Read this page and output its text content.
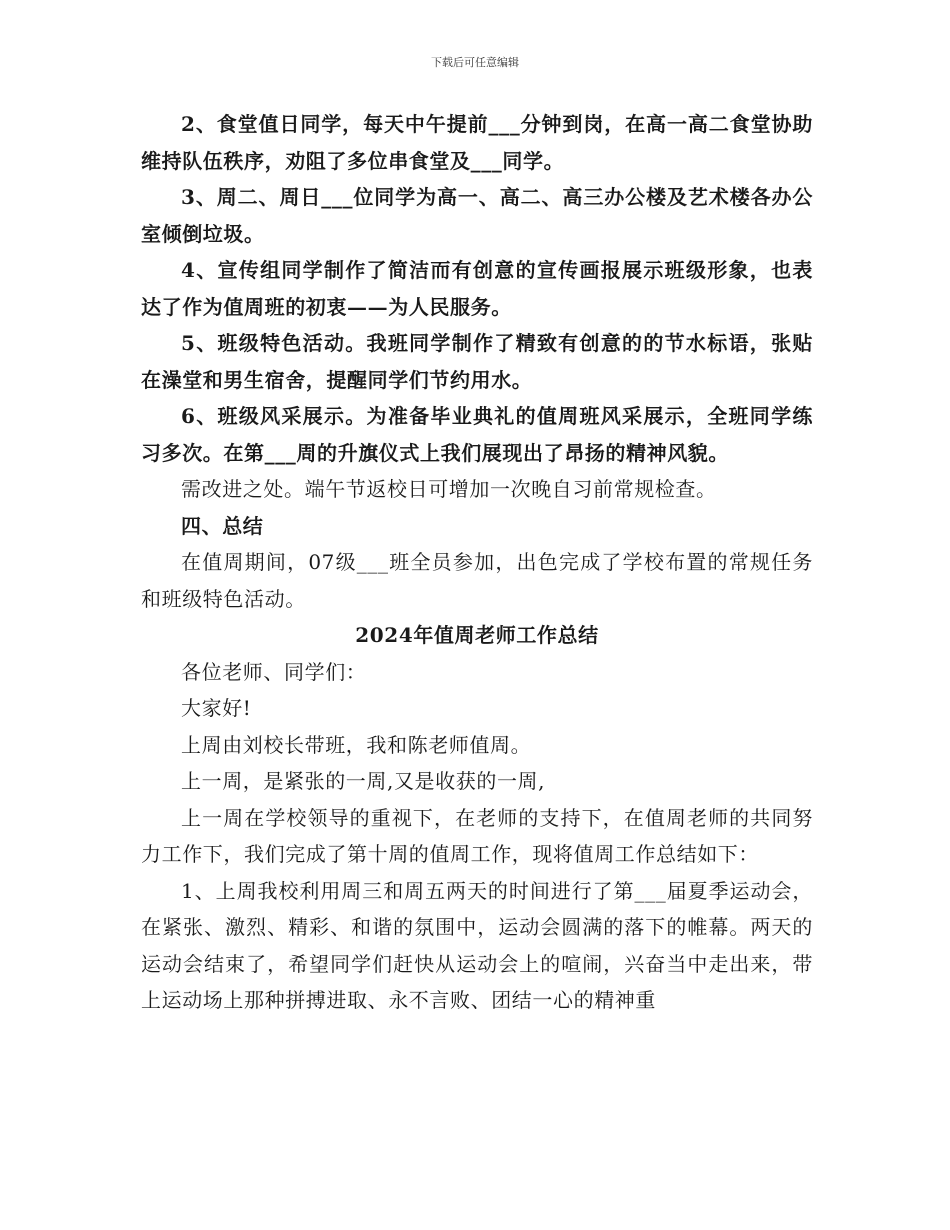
下载后可任意编辑

2、食堂值日同学，每天中午提前___分钟到岗，在高一高二食堂协助维持队伍秩序，劝阻了多位串食堂及___同学。

3、周二、周日___位同学为高一、高二、高三办公楼及艺术楼各办公室倾倒垃圾。

4、宣传组同学制作了简洁而有创意的宣传画报展示班级形象，也表达了作为值周班的初衷——为人民服务。

5、班级特色活动。我班同学制作了精致有创意的的节水标语，张贴在澡堂和男生宿舍，提醒同学们节约用水。

6、班级风采展示。为准备毕业典礼的值周班风采展示，全班同学练习多次。在第___周的升旗仪式上我们展现出了昂扬的精神风貌。

需改进之处。端午节返校日可增加一次晚自习前常规检查。

四、总结

在值周期间，07级___班全员参加，出色完成了学校布置的常规任务和班级特色活动。

2024年值周老师工作总结

各位老师、同学们：

大家好!

上周由刘校长带班，我和陈老师值周。

上一周，是紧张的一周,又是收获的一周,

上一周在学校领导的重视下，在老师的支持下，在值周老师的共同努力工作下，我们完成了第十周的值周工作，现将值周工作总结如下：

1、上周我校利用周三和周五两天的时间进行了第___届夏季运动会，在紧张、激烈、精彩、和谐的氛围中，运动会圆满的落下的帷幕。两天的运动会结束了，希望同学们赶快从运动会上的喧闹，兴奋当中走出来，带上运动场上那种拼搏进取、永不言败、团结一心的精神重
